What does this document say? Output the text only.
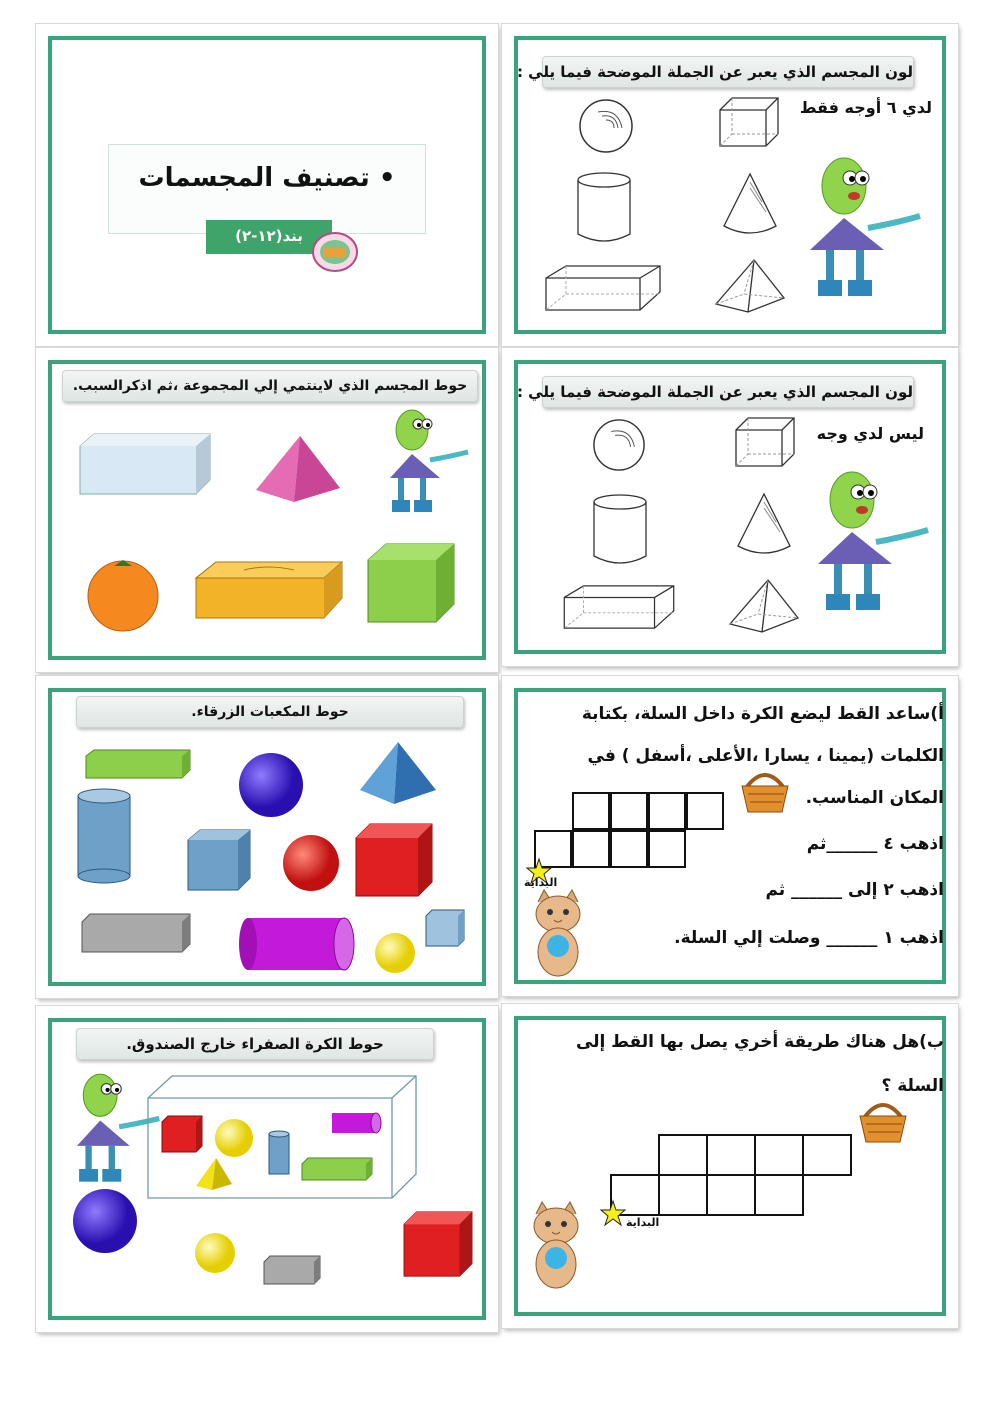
• تصنيف المجسمات
بند(١٢-٢)
لون المجسم الذي يعبر عن الجملة الموضحة فيما يلي :
لدي ٦ أوجه فقط
حوط المجسم الذي لاينتمي إلي المجموعة ،ثم اذكرالسبب.	لون المجسم الذي يعبر عن الجملة الموضحة فيما يلي :
ليس لدي وجه
حوط المكعبات الزرقاء.	أ)ساعد القط ليضع الكرة داخل السلة، بكتابة
الكلمات (يمينا ، يسارا ،الأعلى ،أسفل ) في
المكان المناسب.
اذهب ٤ ______ثم
اذهب ٢ إلى ______ ثم
اذهب ١ ______ وصلت إلي السلة.
البداية
حوط الكرة الصفراء خارج الصندوق.	ب)هل هناك طريقة أخري يصل بها القط إلى
السلة ؟
البداية
